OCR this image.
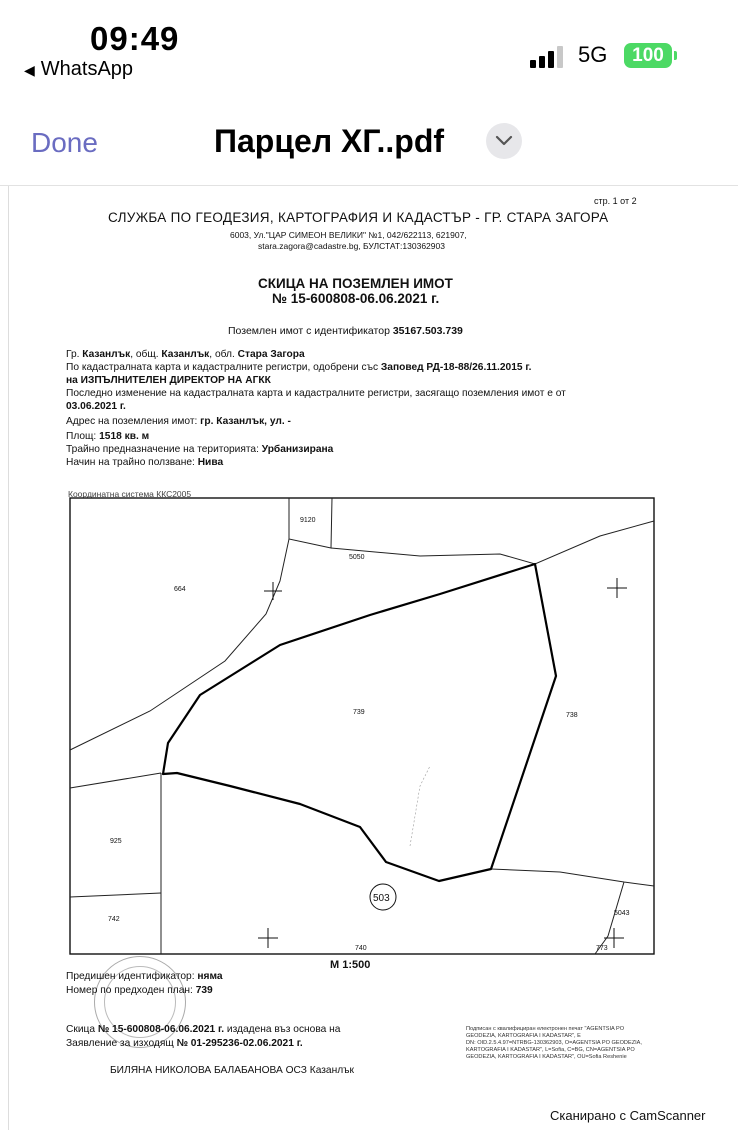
09:49
◀ WhatsApp
5G	100
Done	Парцел ХГ..pdf
стр. 1 от 2
СЛУЖБА ПО ГЕОДЕЗИЯ, КАРТОГРАФИЯ И КАДАСТЪР - ГР. СТАРА ЗАГОРА
6003, Ул."ЦАР СИМЕОН ВЕЛИКИ" №1, 042/622113, 621907,
stara.zagora@cadastre.bg, БУЛСТАТ:130362903
СКИЦА НА ПОЗЕМЛЕН ИМОТ
№ 15-600808-06.06.2021 г.
Поземлен имот с идентификатор 35167.503.739
Гр. Казанлък, общ. Казанлък, обл. Стара Загора
По кадастралната карта и кадастралните регистри, одобрени със Заповед РД-18-88/26.11.2015 г.
на ИЗПЪЛНИТЕЛЕН ДИРЕКТОР НА АГКК
Последно изменение на кадастралната карта и кадастралните регистри, засягащо поземления имот е от
03.06.2021 г.
Адрес на поземления имот: гр. Казанлък, ул. -
Площ: 1518 кв. м
Трайно предназначение на територията: Урбанизирана
Начин на трайно ползване: Нива
Координатна система ККС2005
9120
5050
664
739	738
925
503
742
740
5043
773
М 1:500
Предишен идентификатор: няма
Номер по предходен план: 739
Скица № 15-600808-06.06.2021 г. издадена въз основа на
Заявление за изходящ № 01-295236-02.06.2021 г.
БИЛЯНА НИКОЛОВА БАЛАБАНОВА ОСЗ Казанлък
Подписан с квалифициран електронен печат "AGENTSIA PO
GEODEZIA, KARTOGRAFIA I KADASTAR", E
DN: OID.2.5.4.97=NTRBG-130362903, O=AGENTSIA PO GEODEZIA,
KARTOGRAFIA I KADASTAR", L=Sofia, C=BG, CN=AGENTSIA PO
GEODEZIA, KARTOGRAFIA I KADASTAR", OU=Sofia Reshenie
Сканирано с CamScanner
